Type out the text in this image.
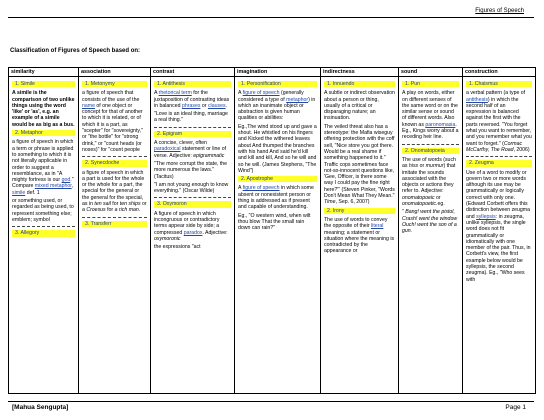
Figures of Speech
Classification of Figures of Speech based on:
similarity
1. Simile

A simile is the comparison of two unlike things using the word 'like' or 'as', e.g. an example of a simile would be as big as a bus.

2. Metaphor

a figure of speech in which a term or phrase is applied to something to which it is not literally applicable in order to suggest a resemblance, as in "A mighty fortress is our god." Compare mixed metaphor, simile def. 1

or something used, or regarded as being used, to represent something else; emblem; symbol

3. Allegory
association
1. Metonymy

a figure of speech that consists of the use of the name of one object or concept for that of another to which it is related, or of which it is a part, as "scepter" for "sovereignty," or "the bottle" for "strong drink," or "count heads (or noses)" for "count people

2. Synecdoche

a figure of speech in which a part is used for the whole or the whole for a part, the special for the general or the general for the special, as in ten sail for ten ships or a Croesus for a rich man.

3. Transferr
contrast
1. Antithesis

A rhetorical term for the juxtaposition of contrasting ideas in balanced phrases or clauses.

"Love is an ideal thing, marriage a real thing."

2. Epigram

A concise, clever, often paradoxical statement or line of verse. Adjective: epigrammatic

"The more corrupt the state, the more numerous the laws." (Tacitus)

"I am not young enough to know everything." (Oscar Wilde)

3. Oxymoron

A figure of speech in which incongruous or contradictory terms appear side by side; a compressed paradox. Adjective: oxymoronic

the expressions "act

imagination
1. Personification

A figure of speech (generally considered a type of metaphor) in which an inanimate object or abstraction is given human qualities or abilities:

Eg.,The wind stood up and gave a shout. He whistled on his fingers and Kicked the withered leaves about And thumped the branches with his hand And said he'd kill and kill and kill, And so he will and so he will. (James Stephens, "The Wind")

2. Apostrophe

A figure of speech in which some absent or nonexistent person or thing is addressed as if present and capable of understanding.

Eg., "O western wind, when wilt thou blow That the small rain down can rain?"

indirectness
1. Innuendo

A subtle or indirect observation about a person or thing, usually of a critical or disparaging nature; an insinuation.

The veiled threat also has a stereotype: the Mafia wiseguy offering protection with the coff sell, "Nice store you got there. Would be a real shame if something happened to it." Traffic cops sometimes face not-so-innocent questions like, 'Gee, Officer, is there some way I could pay the fine right here?'" (Steven Pinker, "Words Don't Mean What They Mean." Time, Sep. 6, 2007)

2. Irony

The use of words to convey the opposite of their literal meaning; a statement or situation where the meaning is contradicted by the appearance or

sound
1. Pun

A play on words, either on different senses of the same word or on the similar sense or sound of different words. Also known as paronomasia. Eg., Kings worry about a receding heir line.

2. Onomatopoeia

The use of words (such as hiss or murmur) that imitate the sounds associated with the objects or actions they refer to. Adjective: onomatopoeic or onomatopoetic.eg.

" Bang! went the pistol, Crash! went the window Ouch! went the son of a gun.

construction
1. Chaismus

a verbal pattern (a type of antithesis) in which the second half of an expression is balanced against the first with the parts reversed. "You forget what you want to remember, and you remember what you want to forget." (Cormac McCarthy, The Road, 2006)

2. Zeugma

Use of a word to modify or govern two or more words although its use may be grammatically or logically correct with only one. (Edward Corbett offers this distinction between zeugma and syllepsis: in zeugma, unlike syllepsis, the single word does not fit grammatically or idiomatically with one member of the pair. Thus, in Corbett's view, the first example below would be syllepsis, the second zeugma). Eg., "Who sees with

[Mahua Sengupta]	Page 1
